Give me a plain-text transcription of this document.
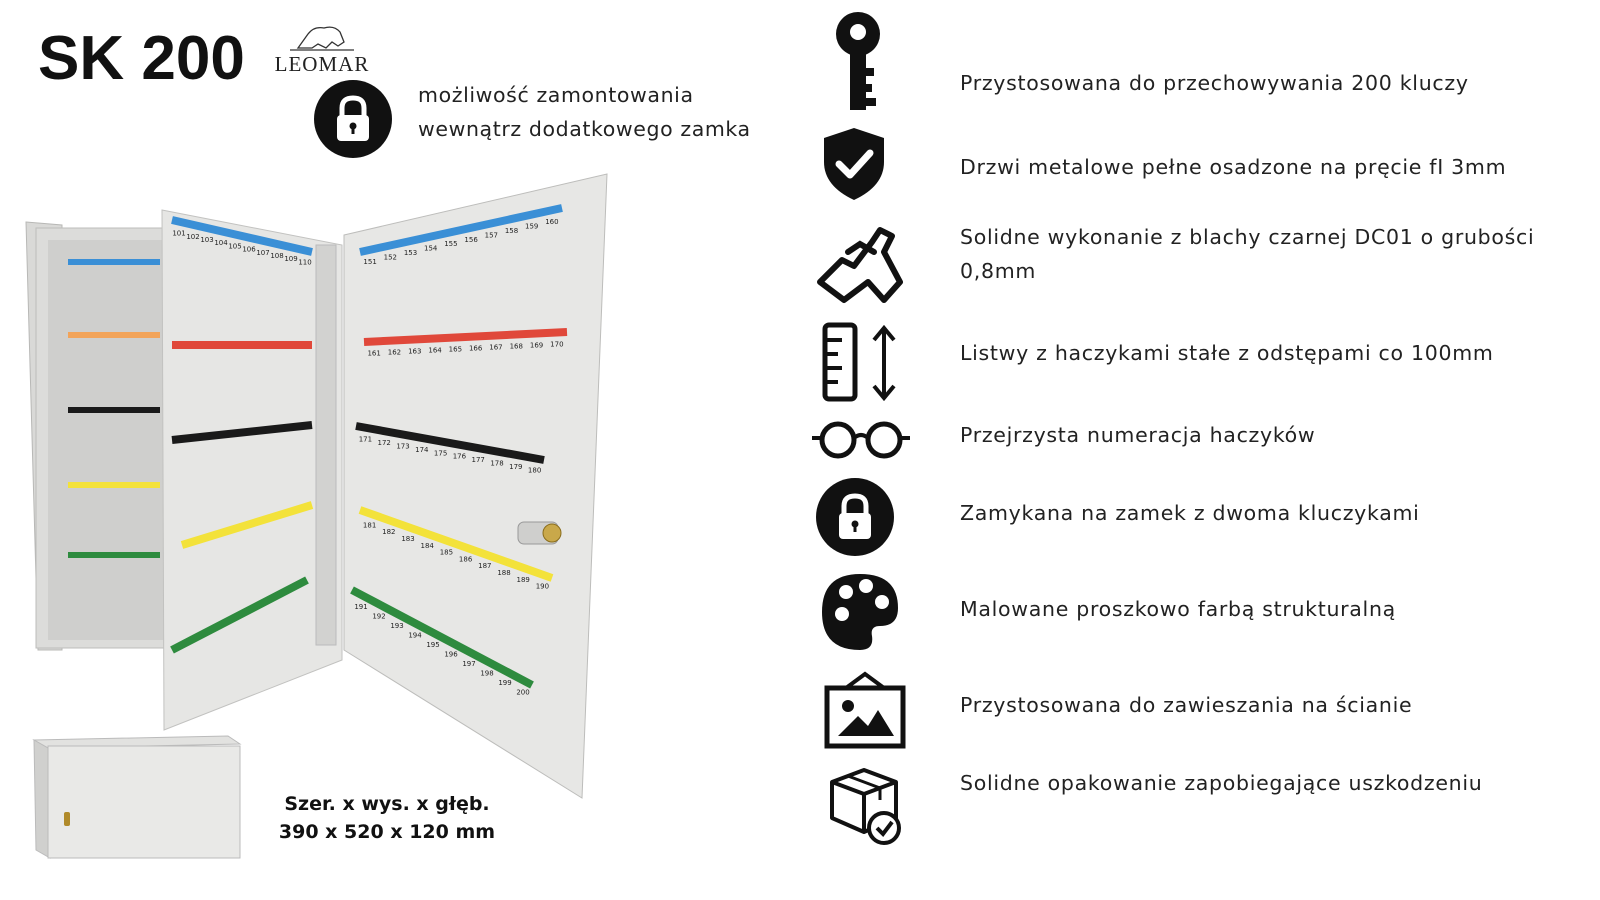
SK 200	LEOMAR
możliwość zamontowania
wewnątrz dodatkowego zamka
101 102 103 104 105 106 107 108 109 110	151
152
153
154
155
156
157
158
159
160
161 162 163 164 165 166 167 168 169 170
171 172 173 174 175 176 177 178 179 180
181
182
183
184
185
186
187
188
189
190
191
192
193
194
195
196
197
198
199
200
Szer. x wys. x głęb.
390 x 520 x 120 mm
Przystosowana do przechowywania 200 kluczy
Drzwi metalowe pełne osadzone na pręcie fI 3mm
Solidne wykonanie z blachy czarnej DC01 o grubości
0,8mm
Listwy z haczykami stałe z odstępami co 100mm
Przejrzysta numeracja haczyków
Zamykana na zamek z dwoma kluczykami
Malowane proszkowo farbą strukturalną
Przystosowana do zawieszania na ścianie
Solidne opakowanie zapobiegające uszkodzeniu
